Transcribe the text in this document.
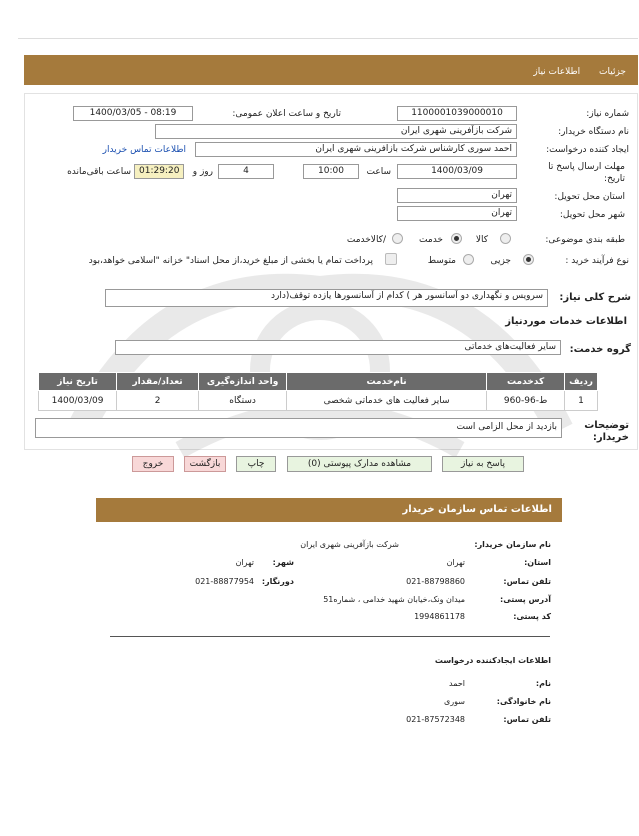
جزئیات اطلاعات نیاز
شماره نیاز:
1100001039000010
تاریخ و ساعت اعلان عمومی:
1400/03/05 - 08:19
نام دستگاه خریدار:
شرکت بازآفرینی شهری ایران
ایجاد کننده درخواست:
احمد سوری کارشناس شرکت بازافرینی شهری ایران
اطلاعات تماس خریدار
مهلت ارسال پاسخ تا تاریخ:
1400/03/09
ساعت
10:00
4
روز و
01:29:20
ساعت باقی‌مانده
استان محل تحویل:
تهران
شهر محل تحویل:
تهران
طبقه بندی موضوعی:
کالا
خدمت
/کالاخدمت
نوع فرآیند خرید :
جزیی
متوسط
پرداخت تمام یا بخشی از مبلغ خرید،از محل اسناد" خزانه "اسلامی خواهد،بود
شرح کلی نیاز:
سرویس و نگهداری دو آسانسور هر ) کدام از آسانسورها یازده توقف(دارد
اطلاعات خدمات موردنیاز
گروه خدمت:
سایر فعالیت‌های خدماتی
ردیف	کدخدمت	نام‌خدمت	واحد اندازه‌گیری	تعداد/مقدار	تاریخ نیاز
1	ط-96-960	سایر فعالیت های خدماتی شخصی	دستگاه	2	1400/03/09
توضیحات خریدار:
بازدید از محل الزامی است
پاسخ به نیاز
مشاهده مدارک پیوستی (0)
چاپ
بازگشت
خروج
اطلاعات تماس سازمان خریدار
نام سازمان خریدار:
شرکت بازآفرینی شهری ایران
استان:
تهران
شهر:
تهران
تلفن تماس:
021-88798860
دورنگار:
021-88877954
آدرس پستی:
میدان ونک،خیابان شهید خدامی ، شماره51
کد پستی:
1994861178
اطلاعات ایجادکننده درخواست
نام:
احمد
نام خانوادگی:
سوری
تلفن تماس:
021-87572348
